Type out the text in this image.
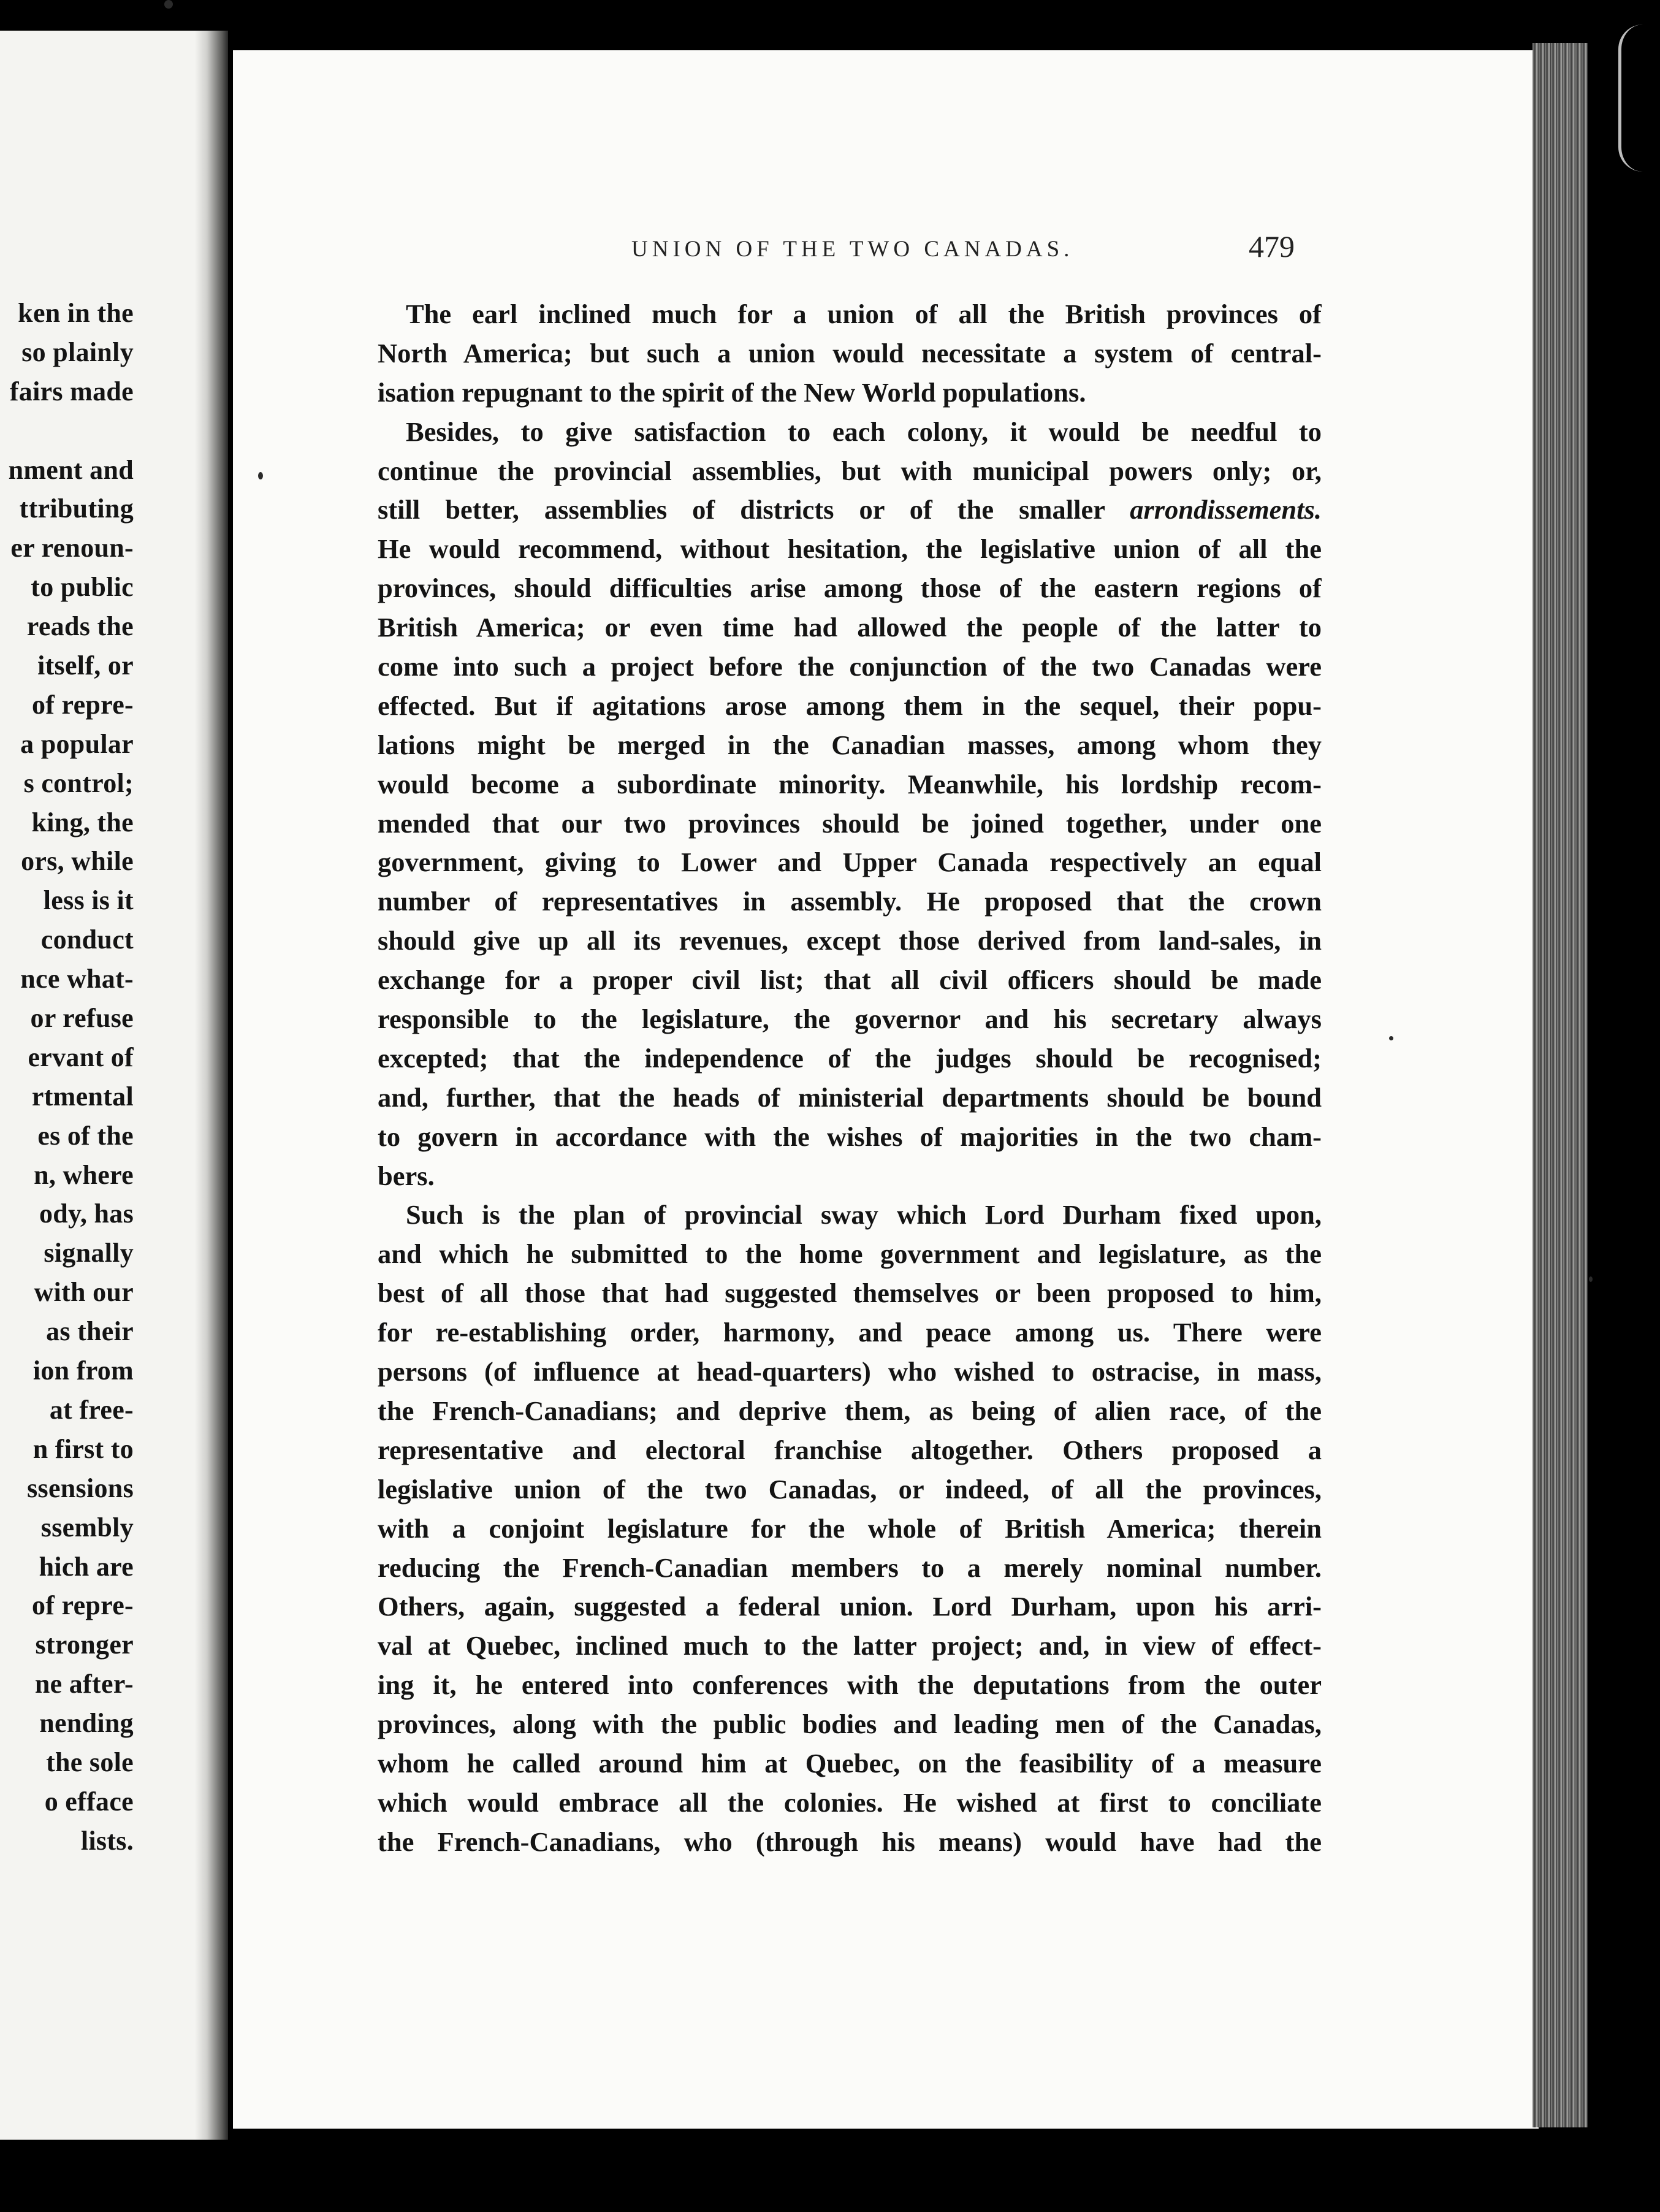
ken in the
so plainly
fairs made
nment and
ttributing
er renoun-
to public
reads the
itself, or
of repre-
a popular
s control;
king, the
ors, while
less is it
conduct
nce what-
or refuse
ervant of
rtmental
es of the
n, where
ody, has
signally
with our
as their
ion from
at free-
n first to
ssensions
ssembly
hich are
of repre-
stronger
ne after-
nending
the sole
o efface
lists.
UNION OF THE TWO CANADAS.	479
The earl inclined much for a union of all the British provinces of
North America; but such a union would necessitate a system of central-
isation repugnant to the spirit of the New World populations.
Besides, to give satisfaction to each colony, it would be needful to
continue the provincial assemblies, but with municipal powers only; or,
still better, assemblies of districts or of the smaller arrondissements.
He would recommend, without hesitation, the legislative union of all the
provinces, should difficulties arise among those of the eastern regions of
British America; or even time had allowed the people of the latter to
come into such a project before the conjunction of the two Canadas were
effected. But if agitations arose among them in the sequel, their popu-
lations might be merged in the Canadian masses, among whom they
would become a subordinate minority. Meanwhile, his lordship recom-
mended that our two provinces should be joined together, under one
government, giving to Lower and Upper Canada respectively an equal
number of representatives in assembly. He proposed that the crown
should give up all its revenues, except those derived from land-sales, in
exchange for a proper civil list; that all civil officers should be made
responsible to the legislature, the governor and his secretary always
excepted; that the independence of the judges should be recognised;
and, further, that the heads of ministerial departments should be bound
to govern in accordance with the wishes of majorities in the two cham-
bers.
Such is the plan of provincial sway which Lord Durham fixed upon,
and which he submitted to the home government and legislature, as the
best of all those that had suggested themselves or been proposed to him,
for re-establishing order, harmony, and peace among us. There were
persons (of influence at head-quarters) who wished to ostracise, in mass,
the French-Canadians; and deprive them, as being of alien race, of the
representative and electoral franchise altogether. Others proposed a
legislative union of the two Canadas, or indeed, of all the provinces,
with a conjoint legislature for the whole of British America; therein
reducing the French-Canadian members to a merely nominal number.
Others, again, suggested a federal union. Lord Durham, upon his arri-
val at Quebec, inclined much to the latter project; and, in view of effect-
ing it, he entered into conferences with the deputations from the outer
provinces, along with the public bodies and leading men of the Canadas,
whom he called around him at Quebec, on the feasibility of a measure
which would embrace all the colonies. He wished at first to conciliate
the French-Canadians, who (through his means) would have had the
